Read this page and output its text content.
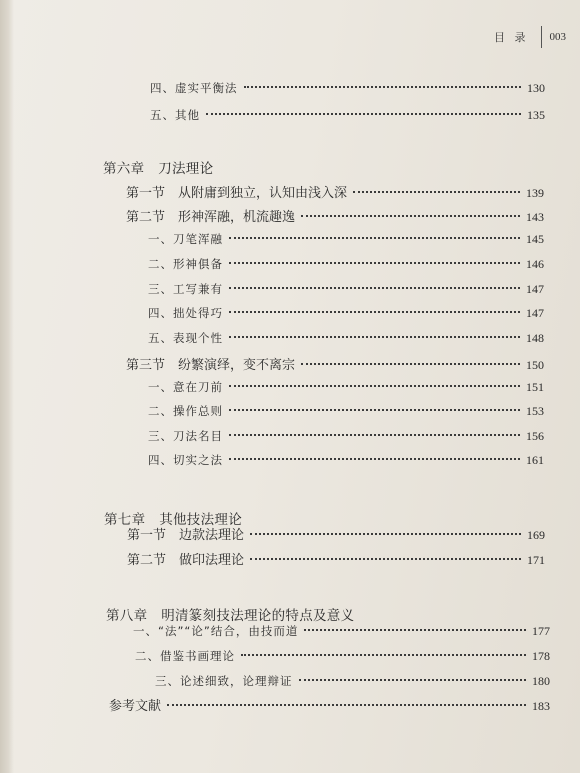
目 录 003
四、虚实平衡法	130
五、其他	135
第六章　刀法理论
第一节　从附庸到独立，认知由浅入深	139
第二节　形神浑融，机流趣逸	143
一、刀笔浑融	145
二、形神俱备	146
三、工写兼有	147
四、拙处得巧	147
五、表现个性	148
第三节　纷繁演绎，变不离宗	150
一、意在刀前	151
二、操作总则	153
三、刀法名目	156
四、切实之法	161
第七章　其他技法理论
第一节　边款法理论	169
第二节　做印法理论	171
第八章　明清篆刻技法理论的特点及意义
一、“法”“论”结合，由技而道	177
二、借鉴书画理论	178
三、论述细致，论理辩证	180
参考文献	183
